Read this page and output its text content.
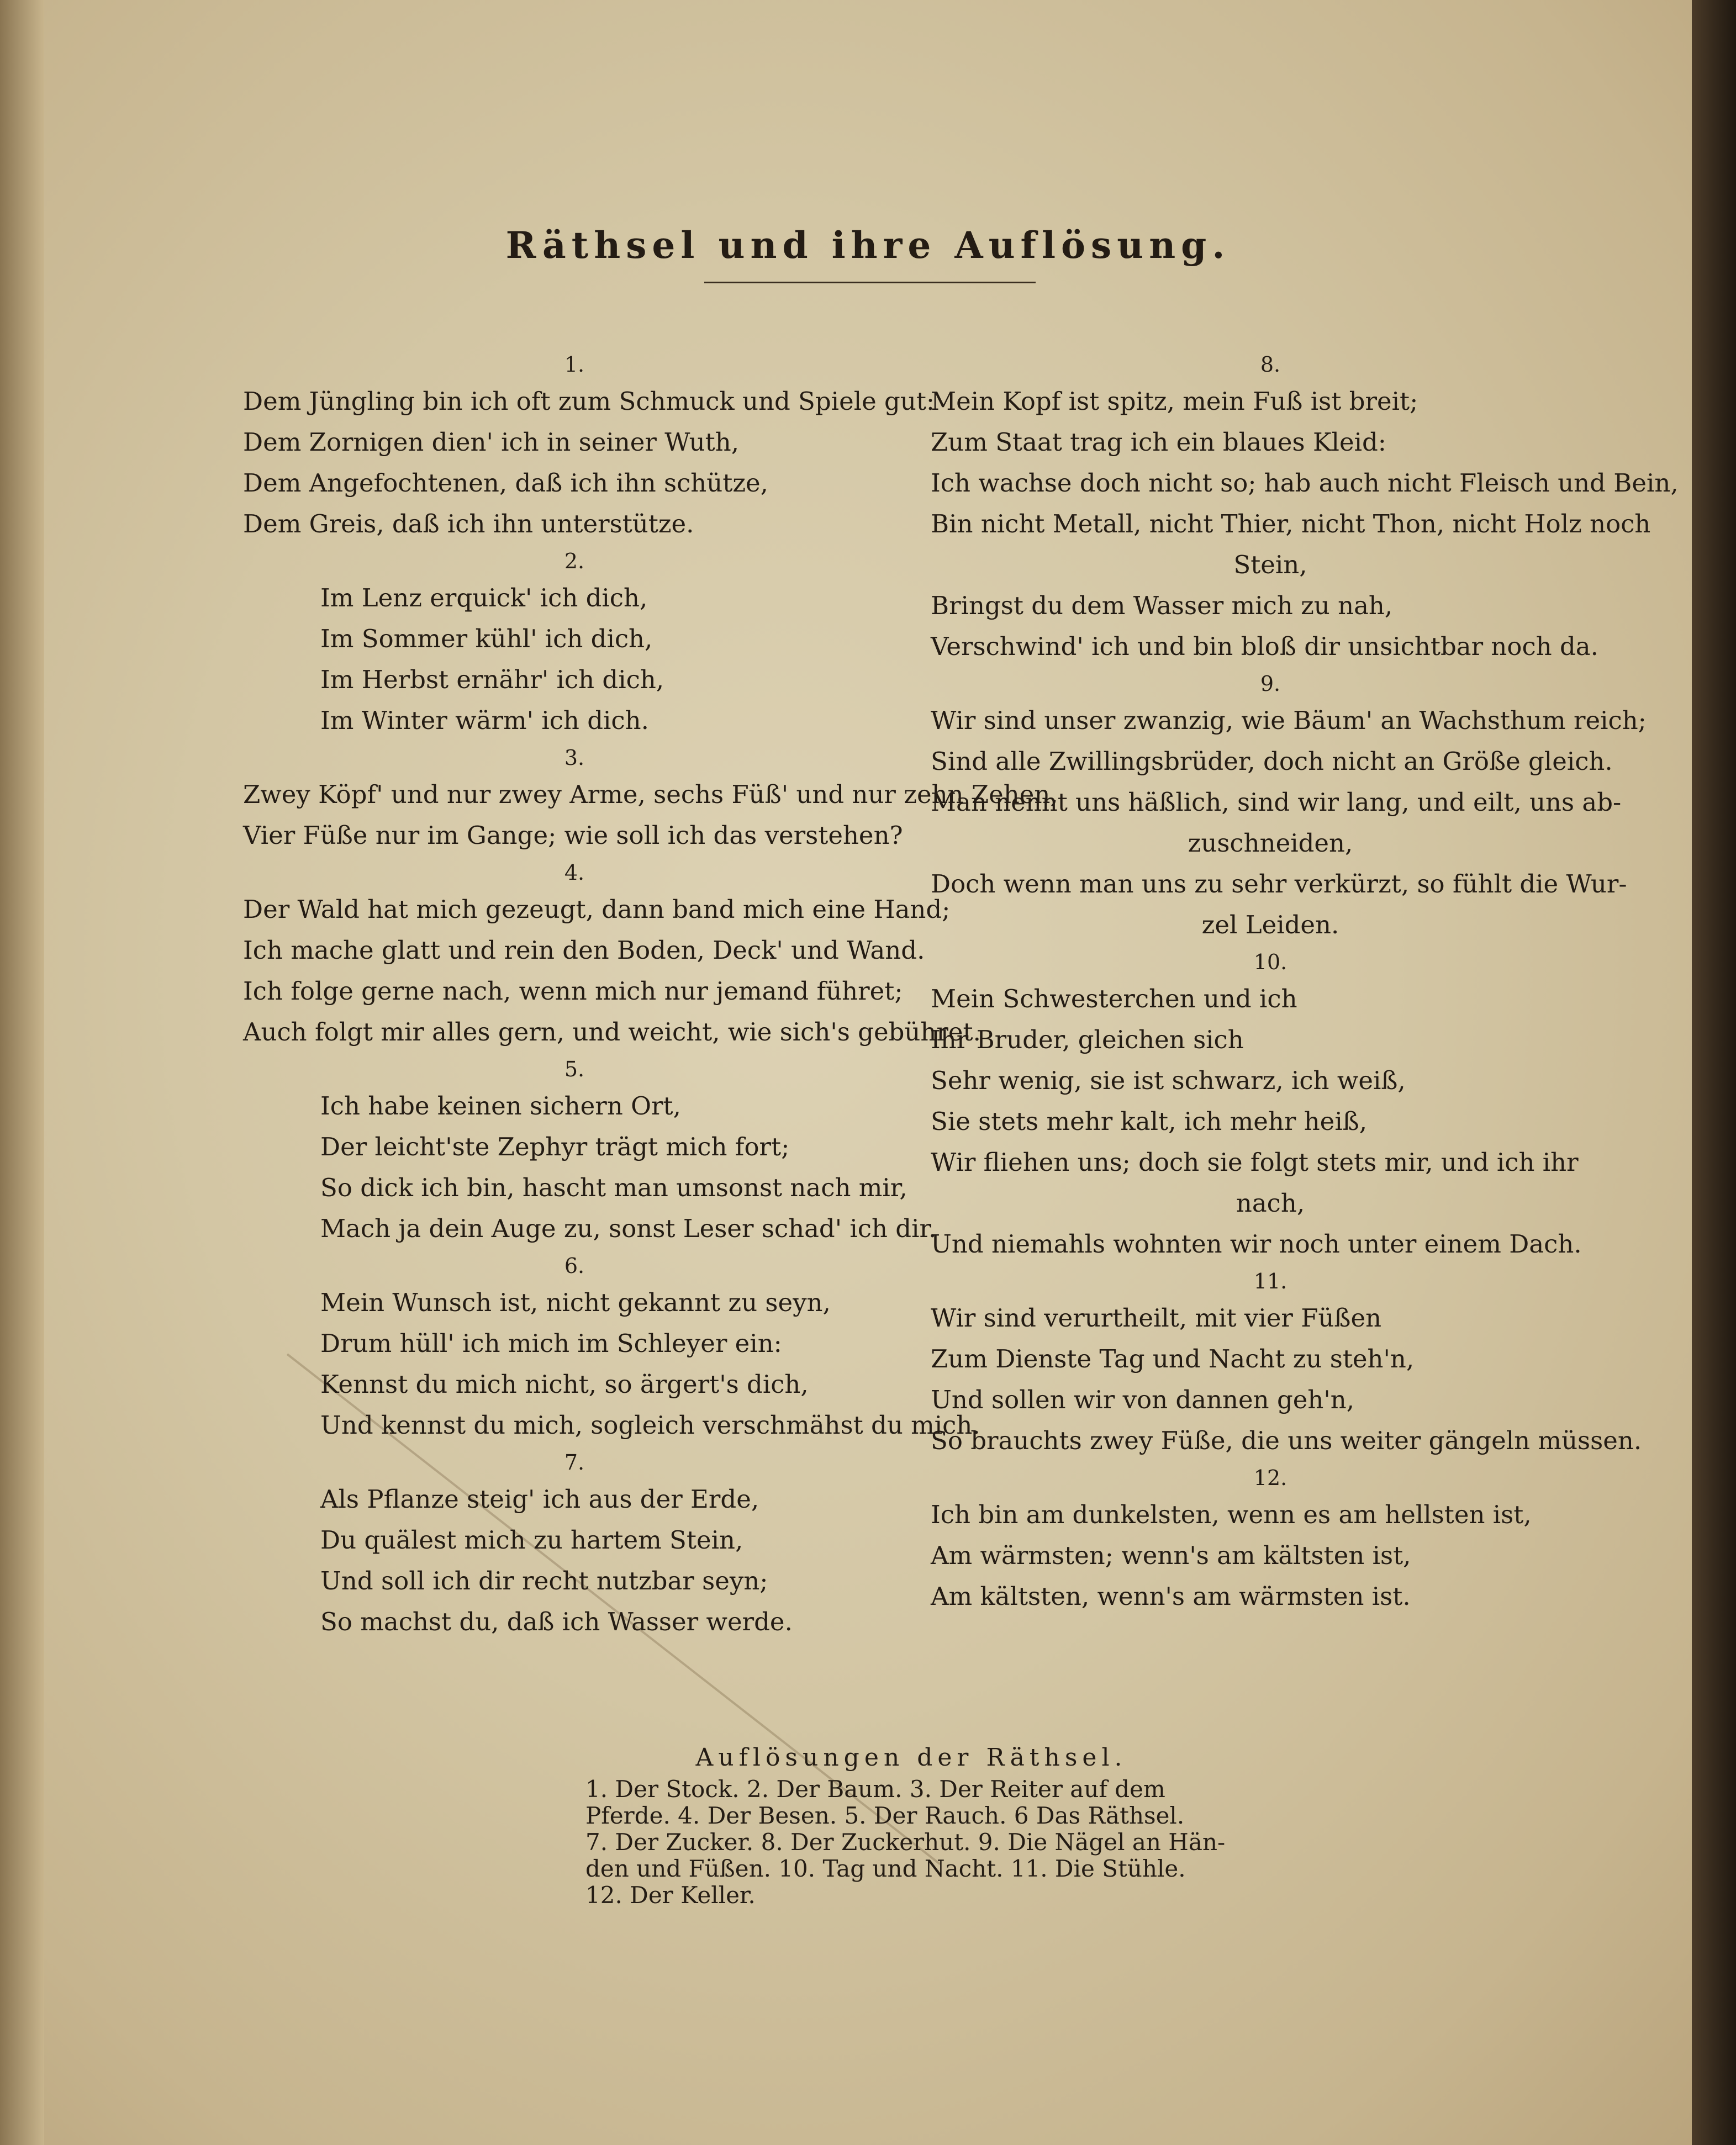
Räthsel und ihre Auflösung.
1.
Dem Jüngling bin ich oft zum Schmuck und Spiele gut:
Dem Zornigen dien' ich in seiner Wuth,
Dem Angefochtenen, daß ich ihn schütze,
Dem Greis, daß ich ihn unterstütze.
2.
Im Lenz erquick' ich dich,
Im Sommer kühl' ich dich,
Im Herbst ernähr' ich dich,
Im Winter wärm' ich dich.
3.
Zwey Köpf' und nur zwey Arme, sechs Füß' und nur zehn Zehen,
Vier Füße nur im Gange; wie soll ich das verstehen?
4.
Der Wald hat mich gezeugt, dann band mich eine Hand;
Ich mache glatt und rein den Boden, Deck' und Wand.
Ich folge gerne nach, wenn mich nur jemand führet;
Auch folgt mir alles gern, und weicht, wie sich's gebühret.
5.
Ich habe keinen sichern Ort,
Der leicht'ste Zephyr trägt mich fort;
So dick ich bin, hascht man umsonst nach mir,
Mach ja dein Auge zu, sonst Leser schad' ich dir.
6.
Mein Wunsch ist, nicht gekannt zu seyn,
Drum hüll' ich mich im Schleyer ein:
Kennst du mich nicht, so ärgert's dich,
Und kennst du mich, sogleich verschmähst du mich.
7.
Als Pflanze steig' ich aus der Erde,
Du quälest mich zu hartem Stein,
Und soll ich dir recht nutzbar seyn;
So machst du, daß ich Wasser werde.
8.
Mein Kopf ist spitz, mein Fuß ist breit;
Zum Staat trag ich ein blaues Kleid:
Ich wachse doch nicht so; hab auch nicht Fleisch und Bein,
Bin nicht Metall, nicht Thier, nicht Thon, nicht Holz noch
Stein,
Bringst du dem Wasser mich zu nah,
Verschwind' ich und bin bloß dir unsichtbar noch da.
9.
Wir sind unser zwanzig, wie Bäum' an Wachsthum reich;
Sind alle Zwillingsbrüder, doch nicht an Größe gleich.
Man nennt uns häßlich, sind wir lang, und eilt, uns ab-
zuschneiden,
Doch wenn man uns zu sehr verkürzt, so fühlt die Wur-
zel Leiden.
10.
Mein Schwesterchen und ich
Ihr Bruder, gleichen sich
Sehr wenig, sie ist schwarz, ich weiß,
Sie stets mehr kalt, ich mehr heiß,
Wir fliehen uns; doch sie folgt stets mir, und ich ihr
nach,
Und niemahls wohnten wir noch unter einem Dach.
11.
Wir sind verurtheilt, mit vier Füßen
Zum Dienste Tag und Nacht zu steh'n,
Und sollen wir von dannen geh'n,
So brauchts zwey Füße, die uns weiter gängeln müssen.
12.
Ich bin am dunkelsten, wenn es am hellsten ist,
Am wärmsten; wenn's am kältsten ist,
Am kältsten, wenn's am wärmsten ist.
Auflösungen der Räthsel.
1. Der Stock. 2. Der Baum. 3. Der Reiter auf dem
Pferde. 4. Der Besen. 5. Der Rauch. 6 Das Räthsel.
7. Der Zucker. 8. Der Zuckerhut. 9. Die Nägel an Hän-
den und Füßen. 10. Tag und Nacht. 11. Die Stühle.
12. Der Keller.
